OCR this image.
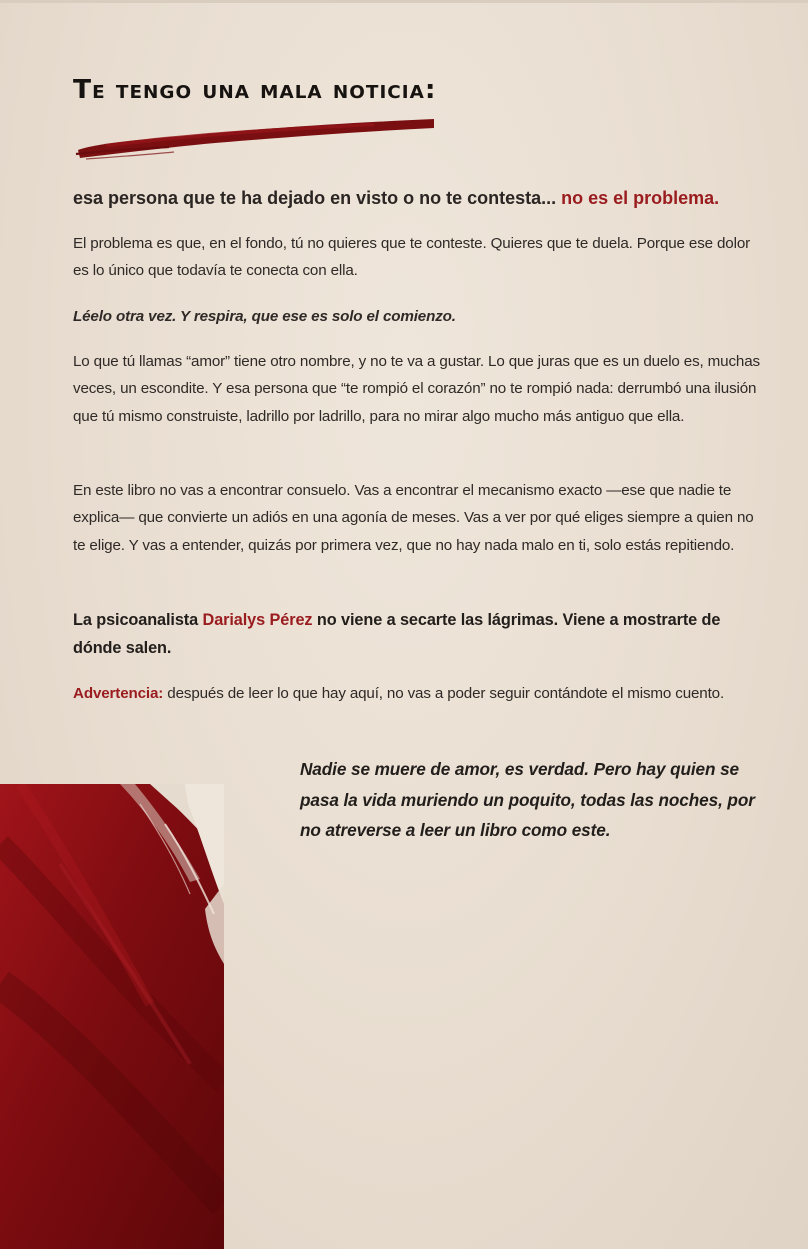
Te tengo una mala noticia:

esa persona que te ha dejado en visto o no te contesta... no es el problema.

El problema es que, en el fondo, tú no quieres que te conteste. Quieres que te duela. Porque ese dolor es lo único que todavía te conecta con ella.

Léelo otra vez. Y respira, que ese es solo el comienzo.

Lo que tú llamas “amor” tiene otro nombre, y no te va a gustar. Lo que juras que es un duelo es, muchas veces, un escondite. Y esa persona que “te rompió el corazón” no te rompió nada: derrumbó una ilusión que tú mismo construiste, ladrillo por ladrillo, para no mirar algo mucho más antiguo que ella.

En este libro no vas a encontrar consuelo. Vas a encontrar el mecanismo exacto —ese que nadie te explica— que convierte un adiós en una agonía de meses. Vas a ver por qué eliges siempre a quien no te elige. Y vas a entender, quizás por primera vez, que no hay nada malo en ti, solo estás repitiendo.

La psicoanalista Darialys Pérez no viene a secarte las lágrimas. Viene a mostrarte de dónde salen.

Advertencia: después de leer lo que hay aquí, no vas a poder seguir contándote el mismo cuento.

Nadie se muere de amor, es verdad. Pero hay quien se pasa la vida muriendo un poquito, todas las noches, por no atreverse a leer un libro como este.
